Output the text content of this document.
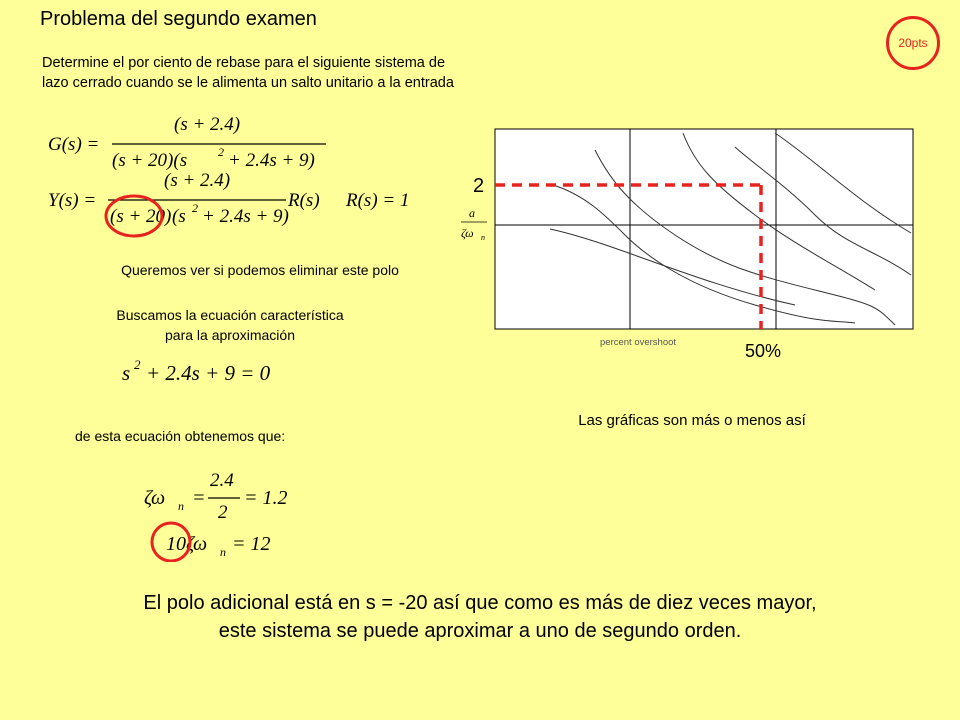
Problema del segundo examen
20pts
Determine el por ciento de rebase para el siguiente sistema de
lazo cerrado cuando se le alimenta un salto unitario a la entrada
G(s) =
(s + 2.4)
(s + 20)(s	2 + 2.4s + 9)
Y(s) =
(s + 2.4)
(s + 20) (s 2 + 2.4s + 9)
R(s) R(s) = 1
Queremos ver si podemos eliminar este polo
Buscamos la ecuación característica
para la aproximación
s 2 + 2.4s + 9 = 0
de esta ecuación obtenemos que:
ζω n =
2.4
2
= 1.2
10ζω n = 12
2
a
ζω n
percent overshoot	50%
Las gráficas son más o menos así
El polo adicional está en s = -20 así que como es más de diez veces mayor,
este sistema se puede aproximar a uno de segundo orden.
